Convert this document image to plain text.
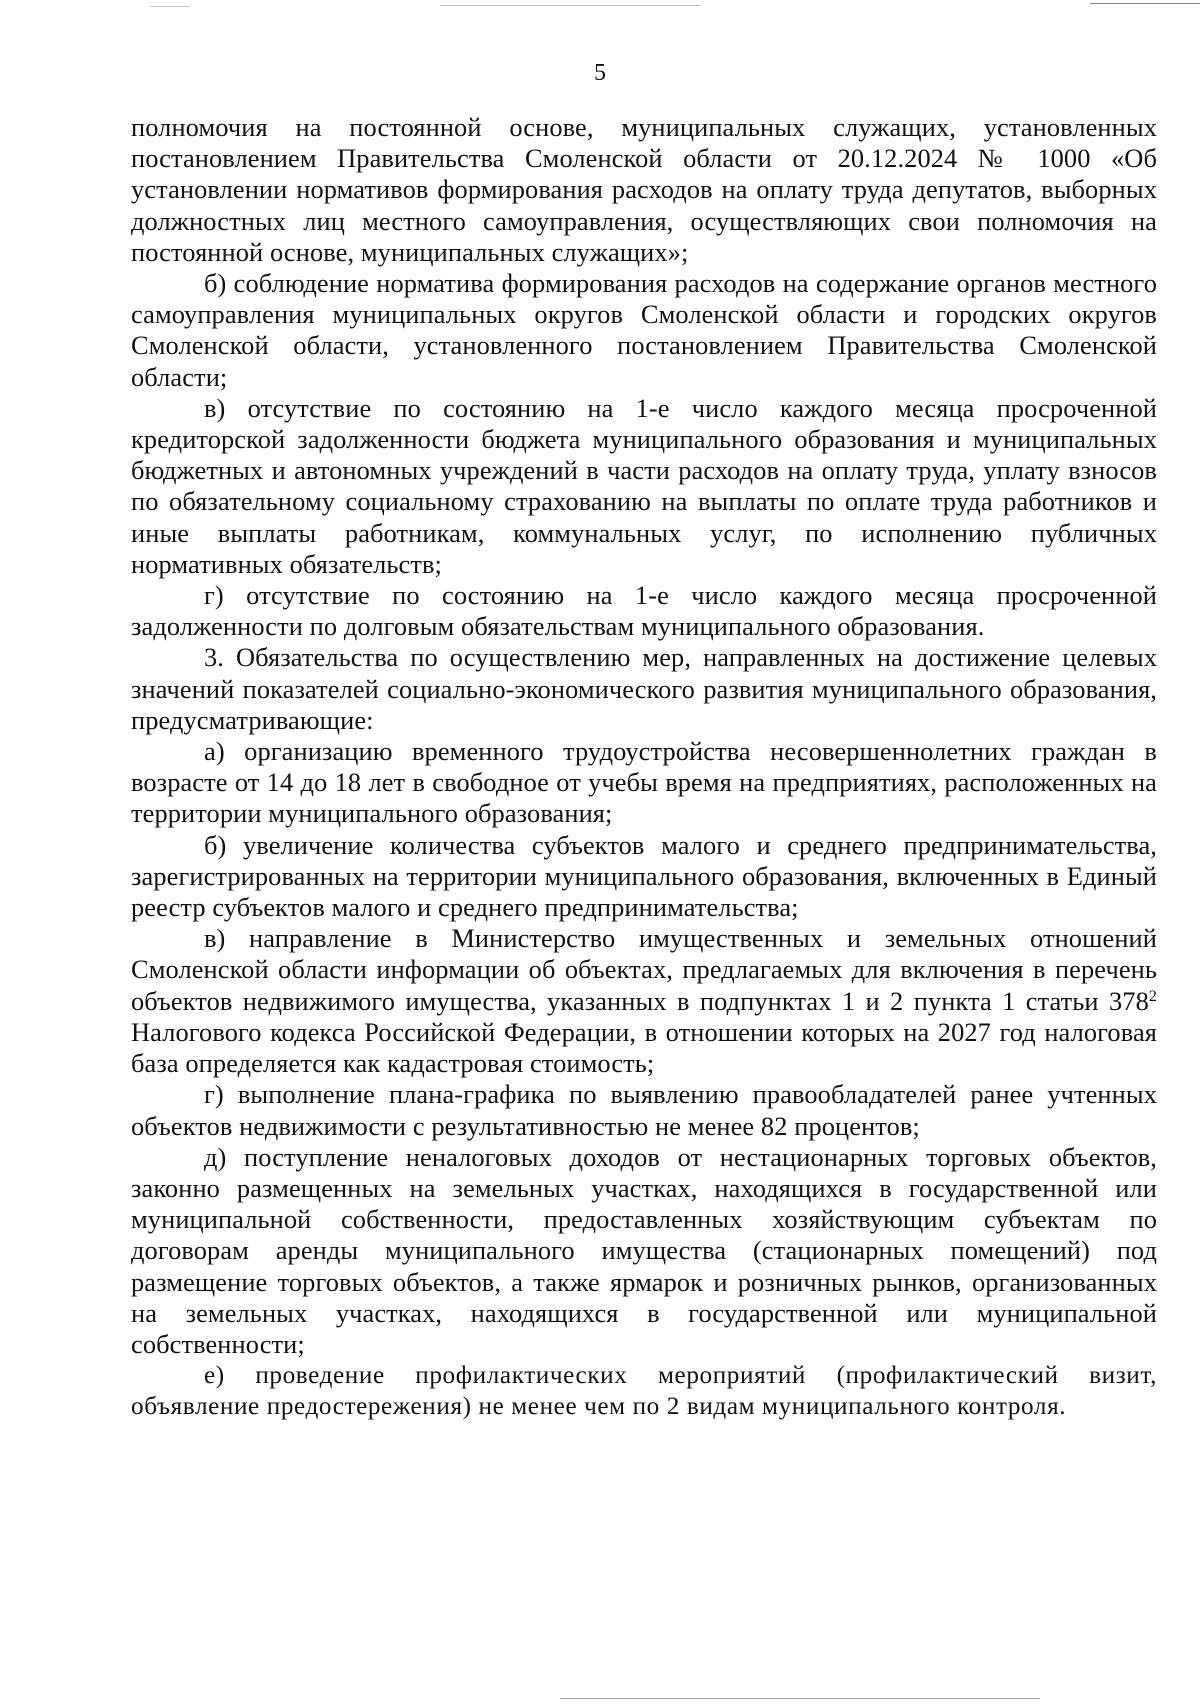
5

полномочия на постоянной основе, муниципальных служащих, установленных постановлением Правительства Смоленской области от 20.12.2024 № 1000 «Об установлении нормативов формирования расходов на оплату труда депутатов, выборных должностных лиц местного самоуправления, осуществляющих свои полномочия на постоянной основе, муниципальных служащих»;

б) соблюдение норматива формирования расходов на содержание органов местного самоуправления муниципальных округов Смоленской области и городских округов Смоленской области, установленного постановлением Правительства Смоленской области;

в) отсутствие по состоянию на 1-е число каждого месяца просроченной кредиторской задолженности бюджета муниципального образования и муниципальных бюджетных и автономных учреждений в части расходов на оплату труда, уплату взносов по обязательному социальному страхованию на выплаты по оплате труда работников и иные выплаты работникам, коммунальных услуг, по исполнению публичных нормативных обязательств;

г) отсутствие по состоянию на 1-е число каждого месяца просроченной задолженности по долговым обязательствам муниципального образования.

3. Обязательства по осуществлению мер, направленных на достижение целевых значений показателей социально-экономического развития муниципального образования, предусматривающие:

а) организацию временного трудоустройства несовершеннолетних граждан в возрасте от 14 до 18 лет в свободное от учебы время на предприятиях, расположенных на территории муниципального образования;

б) увеличение количества субъектов малого и среднего предпринимательства, зарегистрированных на территории муниципального образования, включенных в Единый реестр субъектов малого и среднего предпринимательства;

в) направление в Министерство имущественных и земельных отношений Смоленской области информации об объектах, предлагаемых для включения в перечень объектов недвижимого имущества, указанных в подпунктах 1 и 2 пункта 1 статьи $378^2$ Налогового кодекса Российской Федерации, в отношении которых на 2027 год налоговая база определяется как кадастровая стоимость;

г) выполнение плана-графика по выявлению правообладателей ранее учтенных объектов недвижимости с результативностью не менее 82 процентов;

д) поступление неналоговых доходов от нестационарных торговых объектов, законно размещенных на земельных участках, находящихся в государственной или муниципальной собственности, предоставленных хозяйствующим субъектам по договорам аренды муниципального имущества (стационарных помещений) под размещение торговых объектов, а также ярмарок и розничных рынков, организованных на земельных участках, находящихся в государственной или муниципальной собственности;

е) проведение профилактических мероприятий (профилактический визит, объявление предостережения) не менее чем по 2 видам муниципального контроля.
